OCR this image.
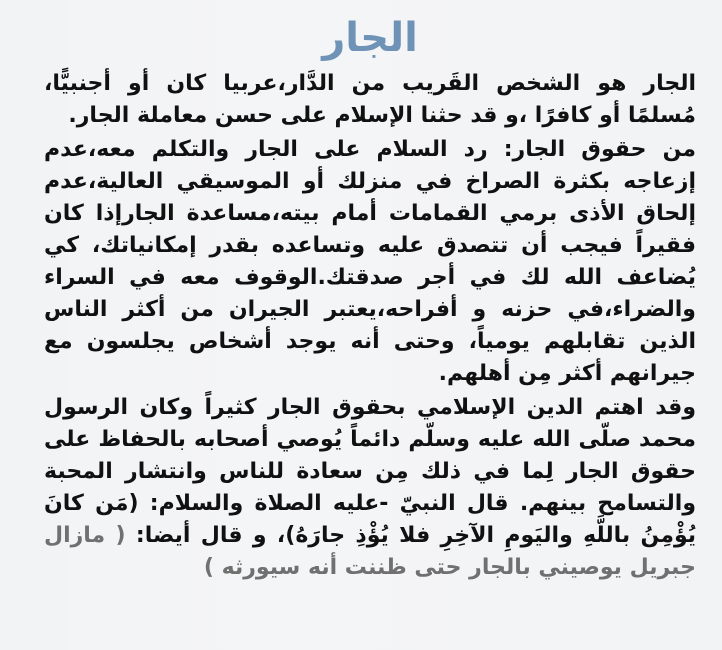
الجار

الجار هو الشخص القَريب من الدَّار،عربيا كان أو أجنبيًّا، مُسلمًا أو كافرًا ،و قد حثنا الإسلام على حسن معاملة الجار.

من حقوق الجار: رد السلام على الجار والتكلم معه،عدم إزعاجه بكثرة الصراخ في منزلك أو الموسيقي العالية،عدم إلحاق الأذى برمي القمامات أمام بيته،مساعدة الجارإذا كان فقيراً فيجب أن تتصدق عليه وتساعده بقدر إمكانياتك، كي يُضاعف الله لك في أجر صدقتك.الوقوف معه في السراء والضراء،في حزنه و أفراحه،يعتبر الجيران من أكثر الناس الذين تقابلهم يومياً، وحتى أنه يوجد أشخاص يجلسون مع جيرانهم أكثر مِن أهلهم.

وقد اهتم الدين الإسلامي بحقوق الجار كثيراً وكان الرسول محمد صلّى الله عليه وسلّم دائماً يُوصي أصحابه بالحفاظ على حقوق الجار لِما في ذلك مِن سعادة للناس وانتشار المحبة والتسامح بينهم. قال النبيّ -عليه الصلاة والسلام: (مَن كانَ يُؤْمِنُ باللَّهِ واليَومِ الآخِرِ فلا يُؤْذِ جارَهُ)، و قال أيضا: ( مازال جبريل يوصيني بالجار حتى ظننت أنه سيورثه )
